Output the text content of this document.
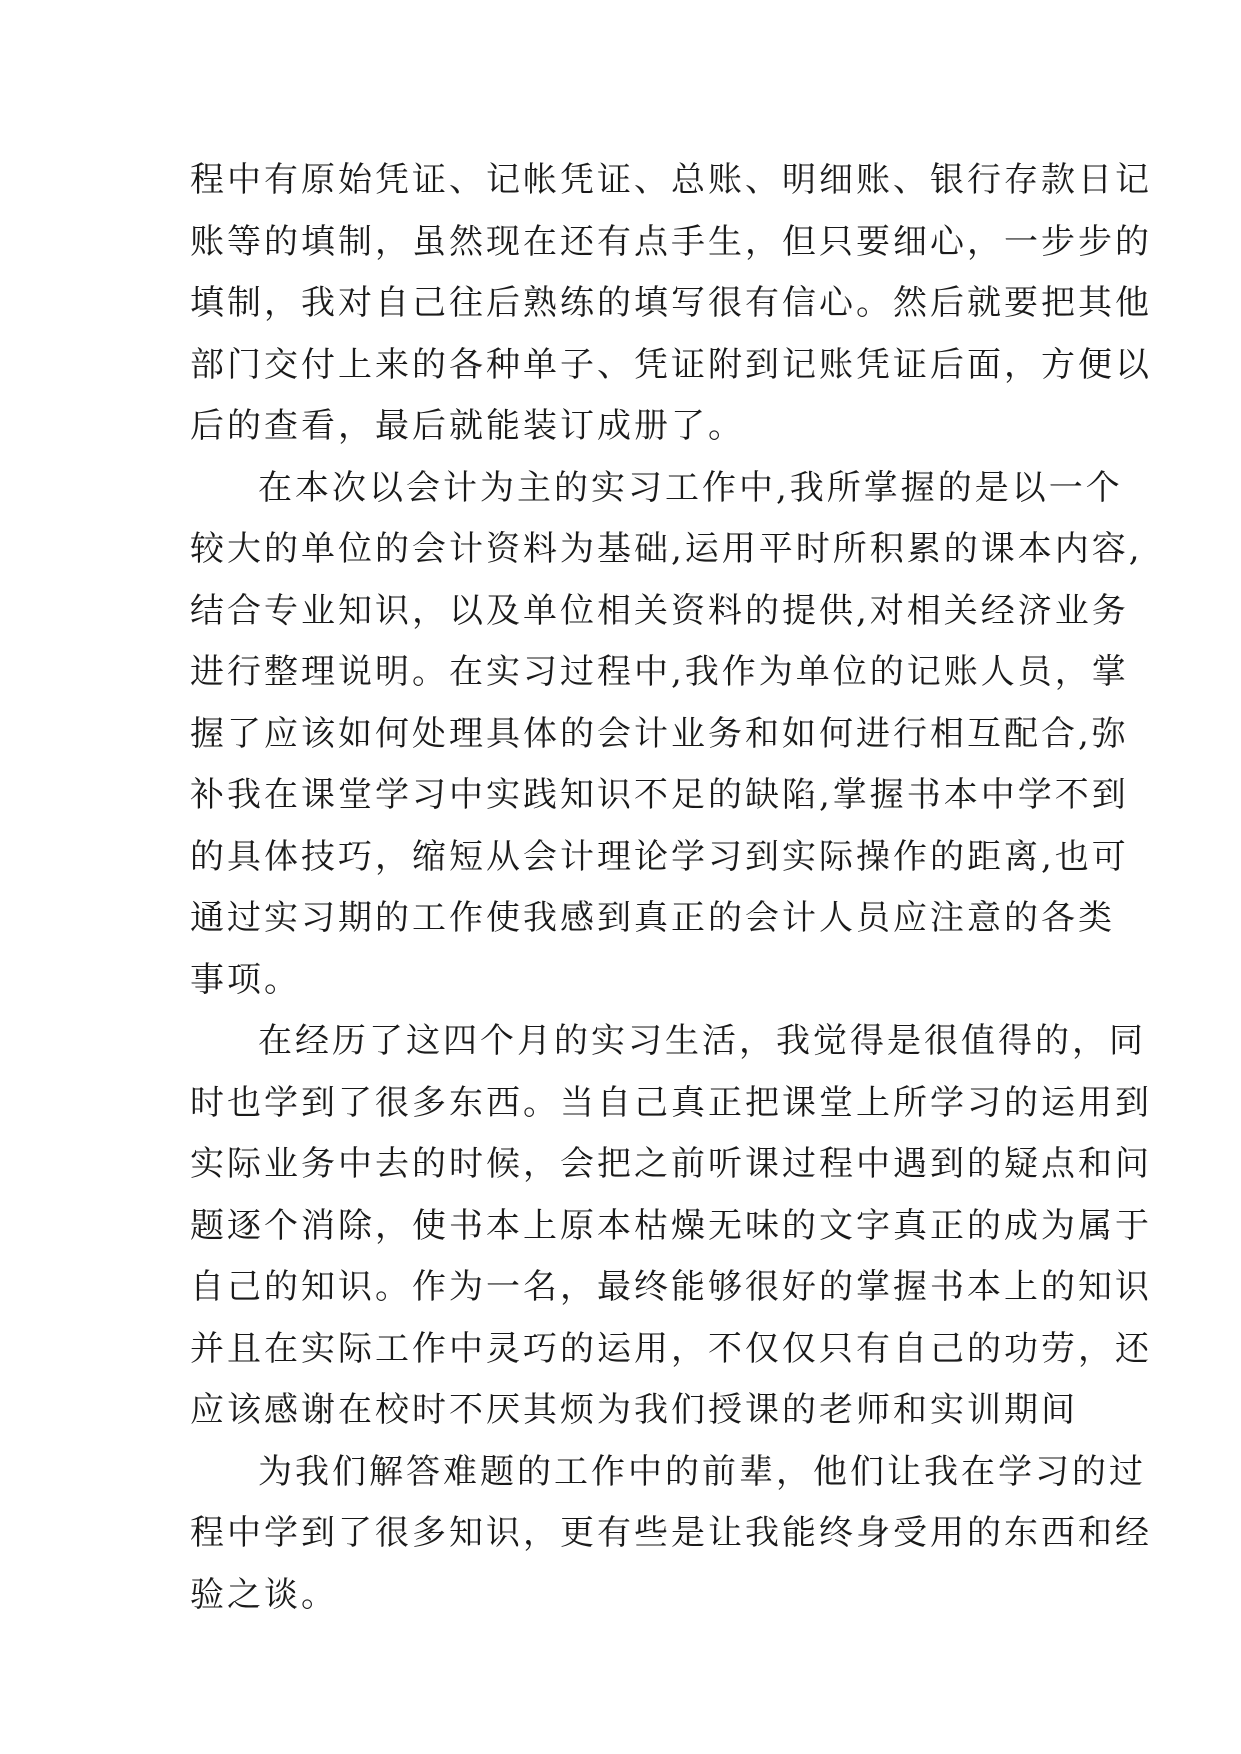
程中有原始凭证、记帐凭证、总账、明细账、银行存款日记
账等的填制，虽然现在还有点手生，但只要细心，一步步的
填制，我对自己往后熟练的填写很有信心。然后就要把其他
部门交付上来的各种单子、凭证附到记账凭证后面，方便以
后的查看，最后就能装订成册了。

在本次以会计为主的实习工作中,我所掌握的是以一个
较大的单位的会计资料为基础,运用平时所积累的课本内容,
结合专业知识，以及单位相关资料的提供,对相关经济业务
进行整理说明。在实习过程中,我作为单位的记账人员，掌
握了应该如何处理具体的会计业务和如何进行相互配合,弥
补我在课堂学习中实践知识不足的缺陷,掌握书本中学不到
的具体技巧，缩短从会计理论学习到实际操作的距离,也可
通过实习期的工作使我感到真正的会计人员应注意的各类
事项。

在经历了这四个月的实习生活，我觉得是很值得的，同
时也学到了很多东西。当自己真正把课堂上所学习的运用到
实际业务中去的时候，会把之前听课过程中遇到的疑点和问
题逐个消除，使书本上原本枯燥无味的文字真正的成为属于
自己的知识。作为一名，最终能够很好的掌握书本上的知识
并且在实际工作中灵巧的运用，不仅仅只有自己的功劳，还
应该感谢在校时不厌其烦为我们授课的老师和实训期间

为我们解答难题的工作中的前辈，他们让我在学习的过
程中学到了很多知识，更有些是让我能终身受用的东西和经
验之谈。
